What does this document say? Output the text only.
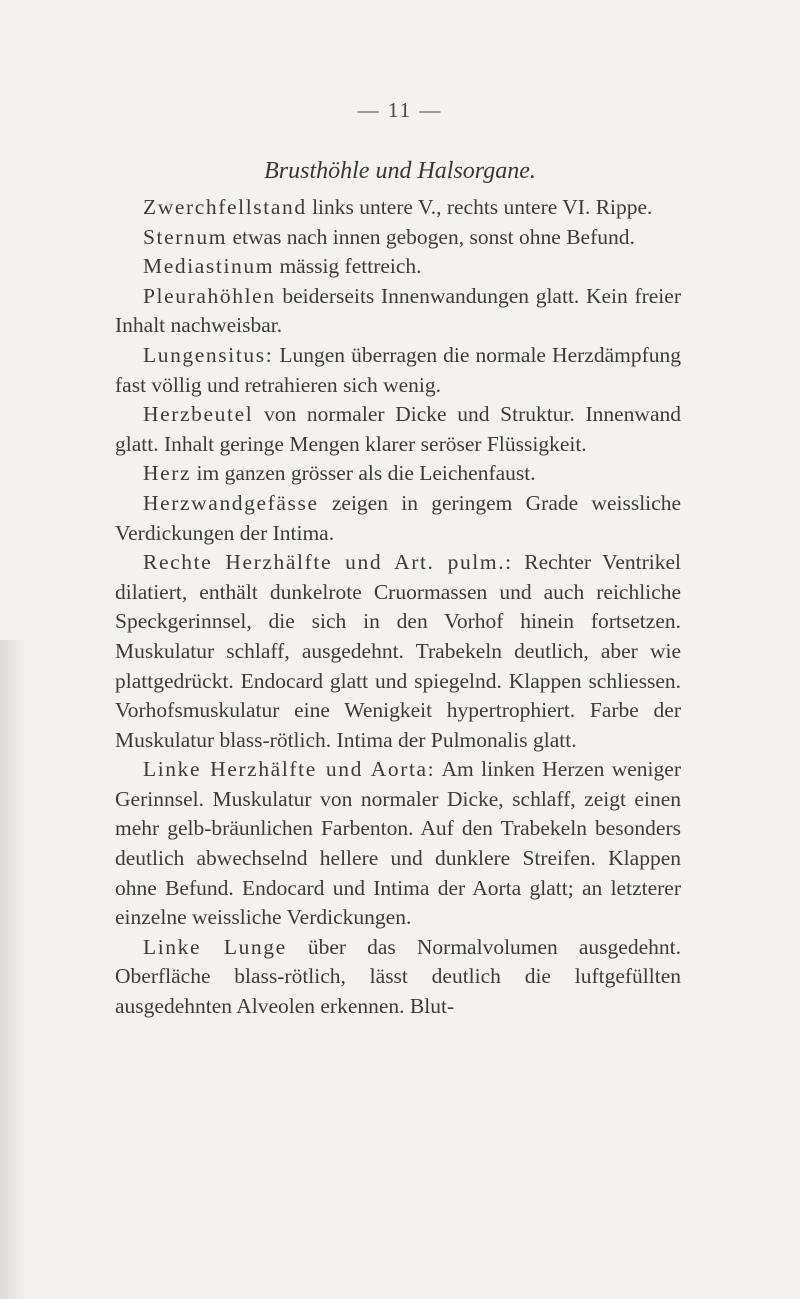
— 11 —
Brusthöhle und Halsorgane.

Zwerchfellstand links untere V., rechts untere VI. Rippe.

Sternum etwas nach innen gebogen, sonst ohne Befund.

Mediastinum mässig fettreich.

Pleurahöhlen beiderseits Innenwandungen glatt. Kein freier Inhalt nachweisbar.

Lungensitus: Lungen überragen die normale Herzdämpfung fast völlig und retrahieren sich wenig.

Herzbeutel von normaler Dicke und Struktur. Innenwand glatt. Inhalt geringe Mengen klarer seröser Flüssigkeit.

Herz im ganzen grösser als die Leichenfaust.

Herzwandgefässe zeigen in geringem Grade weissliche Verdickungen der Intima.

Rechte Herzhälfte und Art. pulm.: Rechter Ventrikel dilatiert, enthält dunkelrote Cruormassen und auch reichliche Speckgerinnsel, die sich in den Vorhof hinein fortsetzen. Muskulatur schlaff, ausgedehnt. Trabekeln deutlich, aber wie plattgedrückt. Endocard glatt und spiegelnd. Klappen schliessen. Vorhofsmuskulatur eine Wenigkeit hypertrophiert. Farbe der Muskulatur blass-rötlich. Intima der Pulmonalis glatt.

Linke Herzhälfte und Aorta: Am linken Herzen weniger Gerinnsel. Muskulatur von normaler Dicke, schlaff, zeigt einen mehr gelb-bräunlichen Farbenton. Auf den Trabekeln besonders deutlich abwechselnd hellere und dunklere Streifen. Klappen ohne Befund. Endocard und Intima der Aorta glatt; an letzterer einzelne weissliche Verdickungen.

Linke Lunge über das Normalvolumen ausgedehnt. Oberfläche blass-rötlich, lässt deutlich die luftgefüllten ausgedehnten Alveolen erkennen. Blut-
